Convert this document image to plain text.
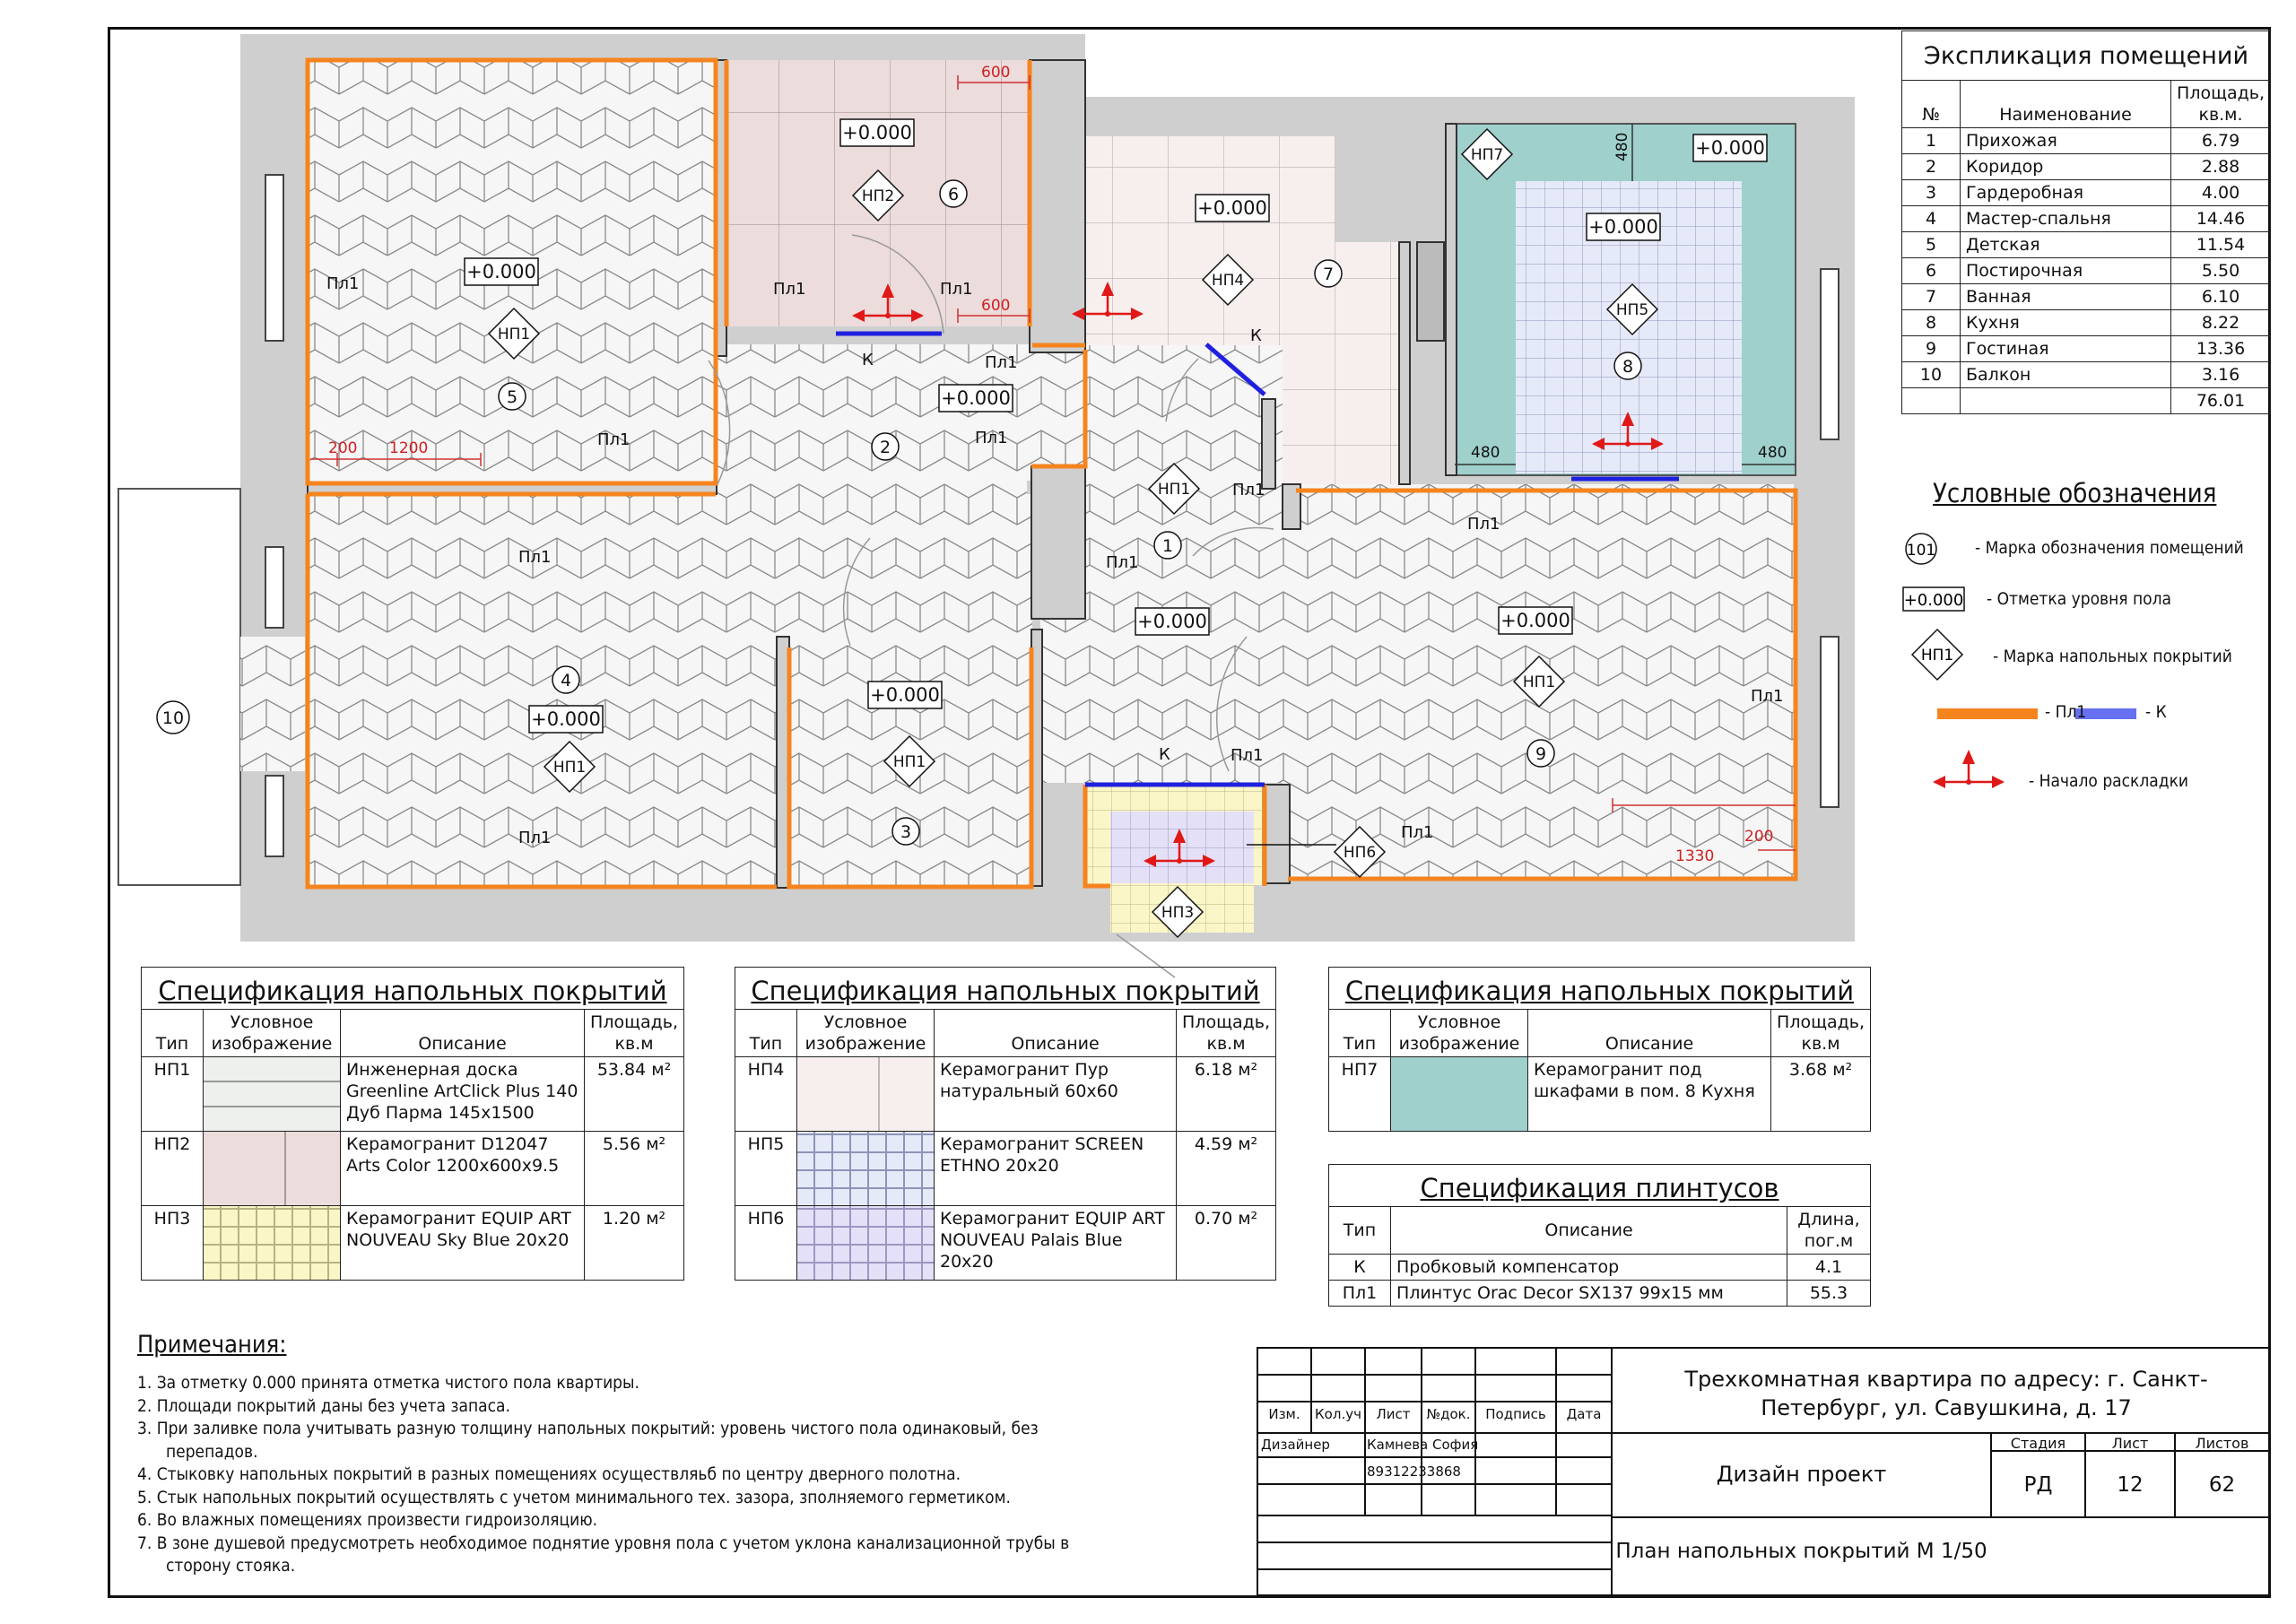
600
600
200 1200
1330
200
480	480
480
+0.000
+0.000
+0.000
+0.000
+0.000
+0.000
+0.000	+0.000
+0.000
+0.000
1
2
3
4
5
6
7
8
9
10
НП1
НП2
НП1
НП4
НП7
НП5
НП1
НП1
НП1
НП6
НП3
Пл1
Пл1
Пл1
Пл1
Пл1	Пл1
Пл1
Пл1
Пл1
Пл1
Пл1
Пл1
Пл1
Пл1
К
К
К
101
+0.000
НП1
Экспликация помещений		
№	Наименование	Площадь, кв.м.
1	Прихожая	6.79
2	Коридор	2.88
3	Гардеробная	4.00
4	Мастер-спальня	14.46
5	Детская	11.54
6	Постирочная	5.50
7	Ванная	6.10
8	Кухня	8.22
9	Гостиная	13.36
10	Балкон	3.16
		76.01
Условные обозначения
- Марка обозначения помещений
- Отметка уровня пола
- Марка напольных покрытий
- Пл1	- К
- Начало раскладки
Спецификация напольных покрытий			
Тип	Условное изображение	Описание	Площадь, кв.м
НП1		Инженерная доска Greenline ArtClick Plus 140 Дуб Парма 145x1500	53.84 м²
НП2		Керамогранит D12047 Arts Color 1200x600x9.5	5.56 м²
НП3		Керамогранит EQUIP ART NOUVEAU Sky Blue 20x20	1.20 м²
Спецификация напольных покрытий			
Тип	Условное изображение	Описание	Площадь, кв.м
НП4		Керамогранит Пур натуральный 60х60	6.18 м²
НП5		Керамогранит SCREEN ETHNO 20x20	4.59 м²
НП6		Керамогранит EQUIP ART NOUVEAU Palais Blue 20x20	0.70 м²
Спецификация напольных покрытий			
Тип	Условное изображение	Описание	Площадь, кв.м
НП7		Керамогранит под шкафами в пом. 8 Кухня	3.68 м²
Спецификация плинтусов		
Тип	Описание	Длина, пог.м
К	Пробковый компенсатор	4.1
Пл1	Плинтус Orac Decor SX137 99x15 мм	55.3
Примечания:
1. За отметку 0.000 принята отметка чистого пола квартиры.
2. Площади покрытий даны без учета запаса.
3. При заливке пола учитывать разную толщину напольных покрытий: уровень чистого пола одинаковый, без перепадов.
4. Стыковку напольных покрытий в разных помещениях осуществляьб по центру дверного полотна.
5. Стык напольных покрытий осуществлять с учетом минимального тех. зазора, зполняемого герметиком.
6. Во влажных помещениях произвести гидроизоляцию.
7. В зоне душевой предусмотреть необходимое поднятие уровня пола с учетом уклона канализационной трубы в сторону стояка.
Изм.	Кол.уч	Лист	№док.	Подпись	Дата
Дизайнер	Камнева София
89312233868
Трехкомнатная квартира по адресу: г. Санкт-Петербург, ул. Савушкина, д. 17
Дизайн проект
Стадия	Лист	Листов
РД	12	62
План напольных покрытий М 1/50
